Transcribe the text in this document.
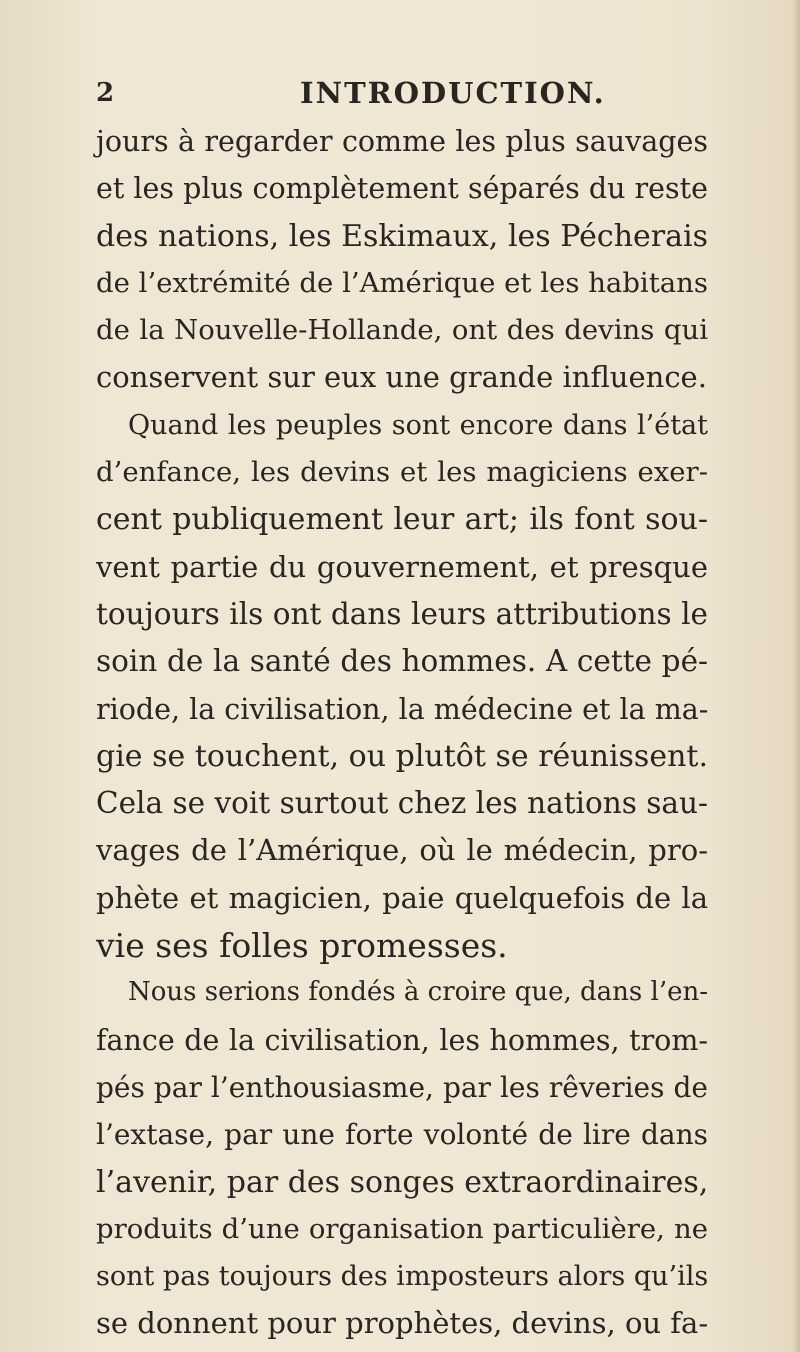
2	INTRODUCTION.
jours à regarder comme les plus sauvages
et les plus complètement séparés du reste
des nations, les Eskimaux, les Pécherais
de l’extrémité de l’Amérique et les habitans
de la Nouvelle-Hollande, ont des devins qui
conservent sur eux une grande influence.
Quand les peuples sont encore dans l’état
d’enfance, les devins et les magiciens exer-
cent publiquement leur art; ils font sou-
vent partie du gouvernement, et presque
toujours ils ont dans leurs attributions le
soin de la santé des hommes. A cette pé-
riode, la civilisation, la médecine et la ma-
gie se touchent, ou plutôt se réunissent.
Cela se voit surtout chez les nations sau-
vages de l’Amérique, où le médecin, pro-
phète et magicien, paie quelquefois de la
vie ses folles promesses.
Nous serions fondés à croire que, dans l’en-
fance de la civilisation, les hommes, trom-
pés par l’enthousiasme, par les rêveries de
l’extase, par une forte volonté de lire dans
l’avenir, par des songes extraordinaires,
produits d’une organisation particulière, ne
sont pas toujours des imposteurs alors qu’ils
se donnent pour prophètes, devins, ou fa-
